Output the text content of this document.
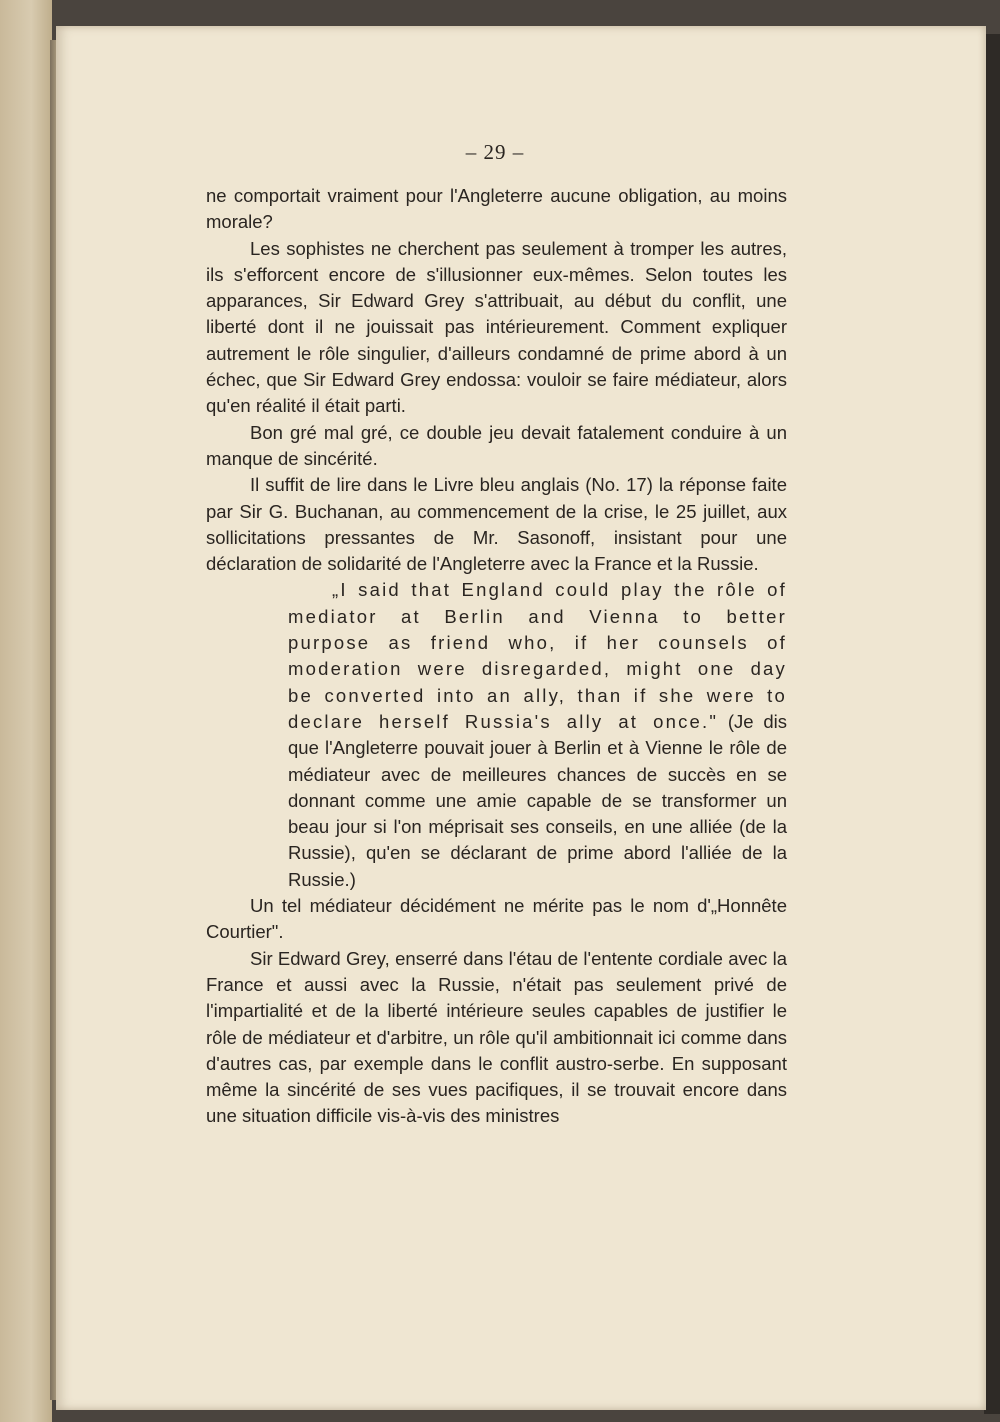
– 29 –

ne comportait vraiment pour l'Angleterre aucune obligation, au moins morale?

Les sophistes ne cherchent pas seulement à tromper les autres, ils s'efforcent encore de s'illusionner eux-mêmes. Selon toutes les apparances, Sir Edward Grey s'attribuait, au début du conflit, une liberté dont il ne jouissait pas intérieurement. Comment expliquer autrement le rôle singulier, d'ailleurs condamné de prime abord à un échec, que Sir Edward Grey endossa: vouloir se faire médiateur, alors qu'en réalité il était parti.

Bon gré mal gré, ce double jeu devait fatalement conduire à un manque de sincérité.

Il suffit de lire dans le Livre bleu anglais (No. 17) la réponse faite par Sir G. Buchanan, au commencement de la crise, le 25 juillet, aux sollicitations pressantes de Mr. Sasonoff, insistant pour une déclaration de solidarité de l'Angleterre avec la France et la Russie.

„I said that England could play the rôle of mediator at Berlin and Vienna to better purpose as friend who, if her counsels of moderation were disregarded, might one day be converted into an ally, than if she were to declare herself Russia's ally at once." (Je dis que l'Angleterre pouvait jouer à Berlin et à Vienne le rôle de médiateur avec de meilleures chances de succès en se donnant comme une amie capable de se transformer un beau jour si l'on méprisait ses conseils, en une alliée (de la Russie), qu'en se déclarant de prime abord l'alliée de la Russie.)

Un tel médiateur décidément ne mérite pas le nom d'„Honnête Courtier".

Sir Edward Grey, enserré dans l'étau de l'entente cordiale avec la France et aussi avec la Russie, n'était pas seulement privé de l'impartialité et de la liberté intérieure seules capables de justifier le rôle de médiateur et d'arbitre, un rôle qu'il ambitionnait ici comme dans d'autres cas, par exemple dans le conflit austro-serbe. En supposant même la sincérité de ses vues pacifiques, il se trouvait encore dans une situation difficile vis-à-vis des ministres
